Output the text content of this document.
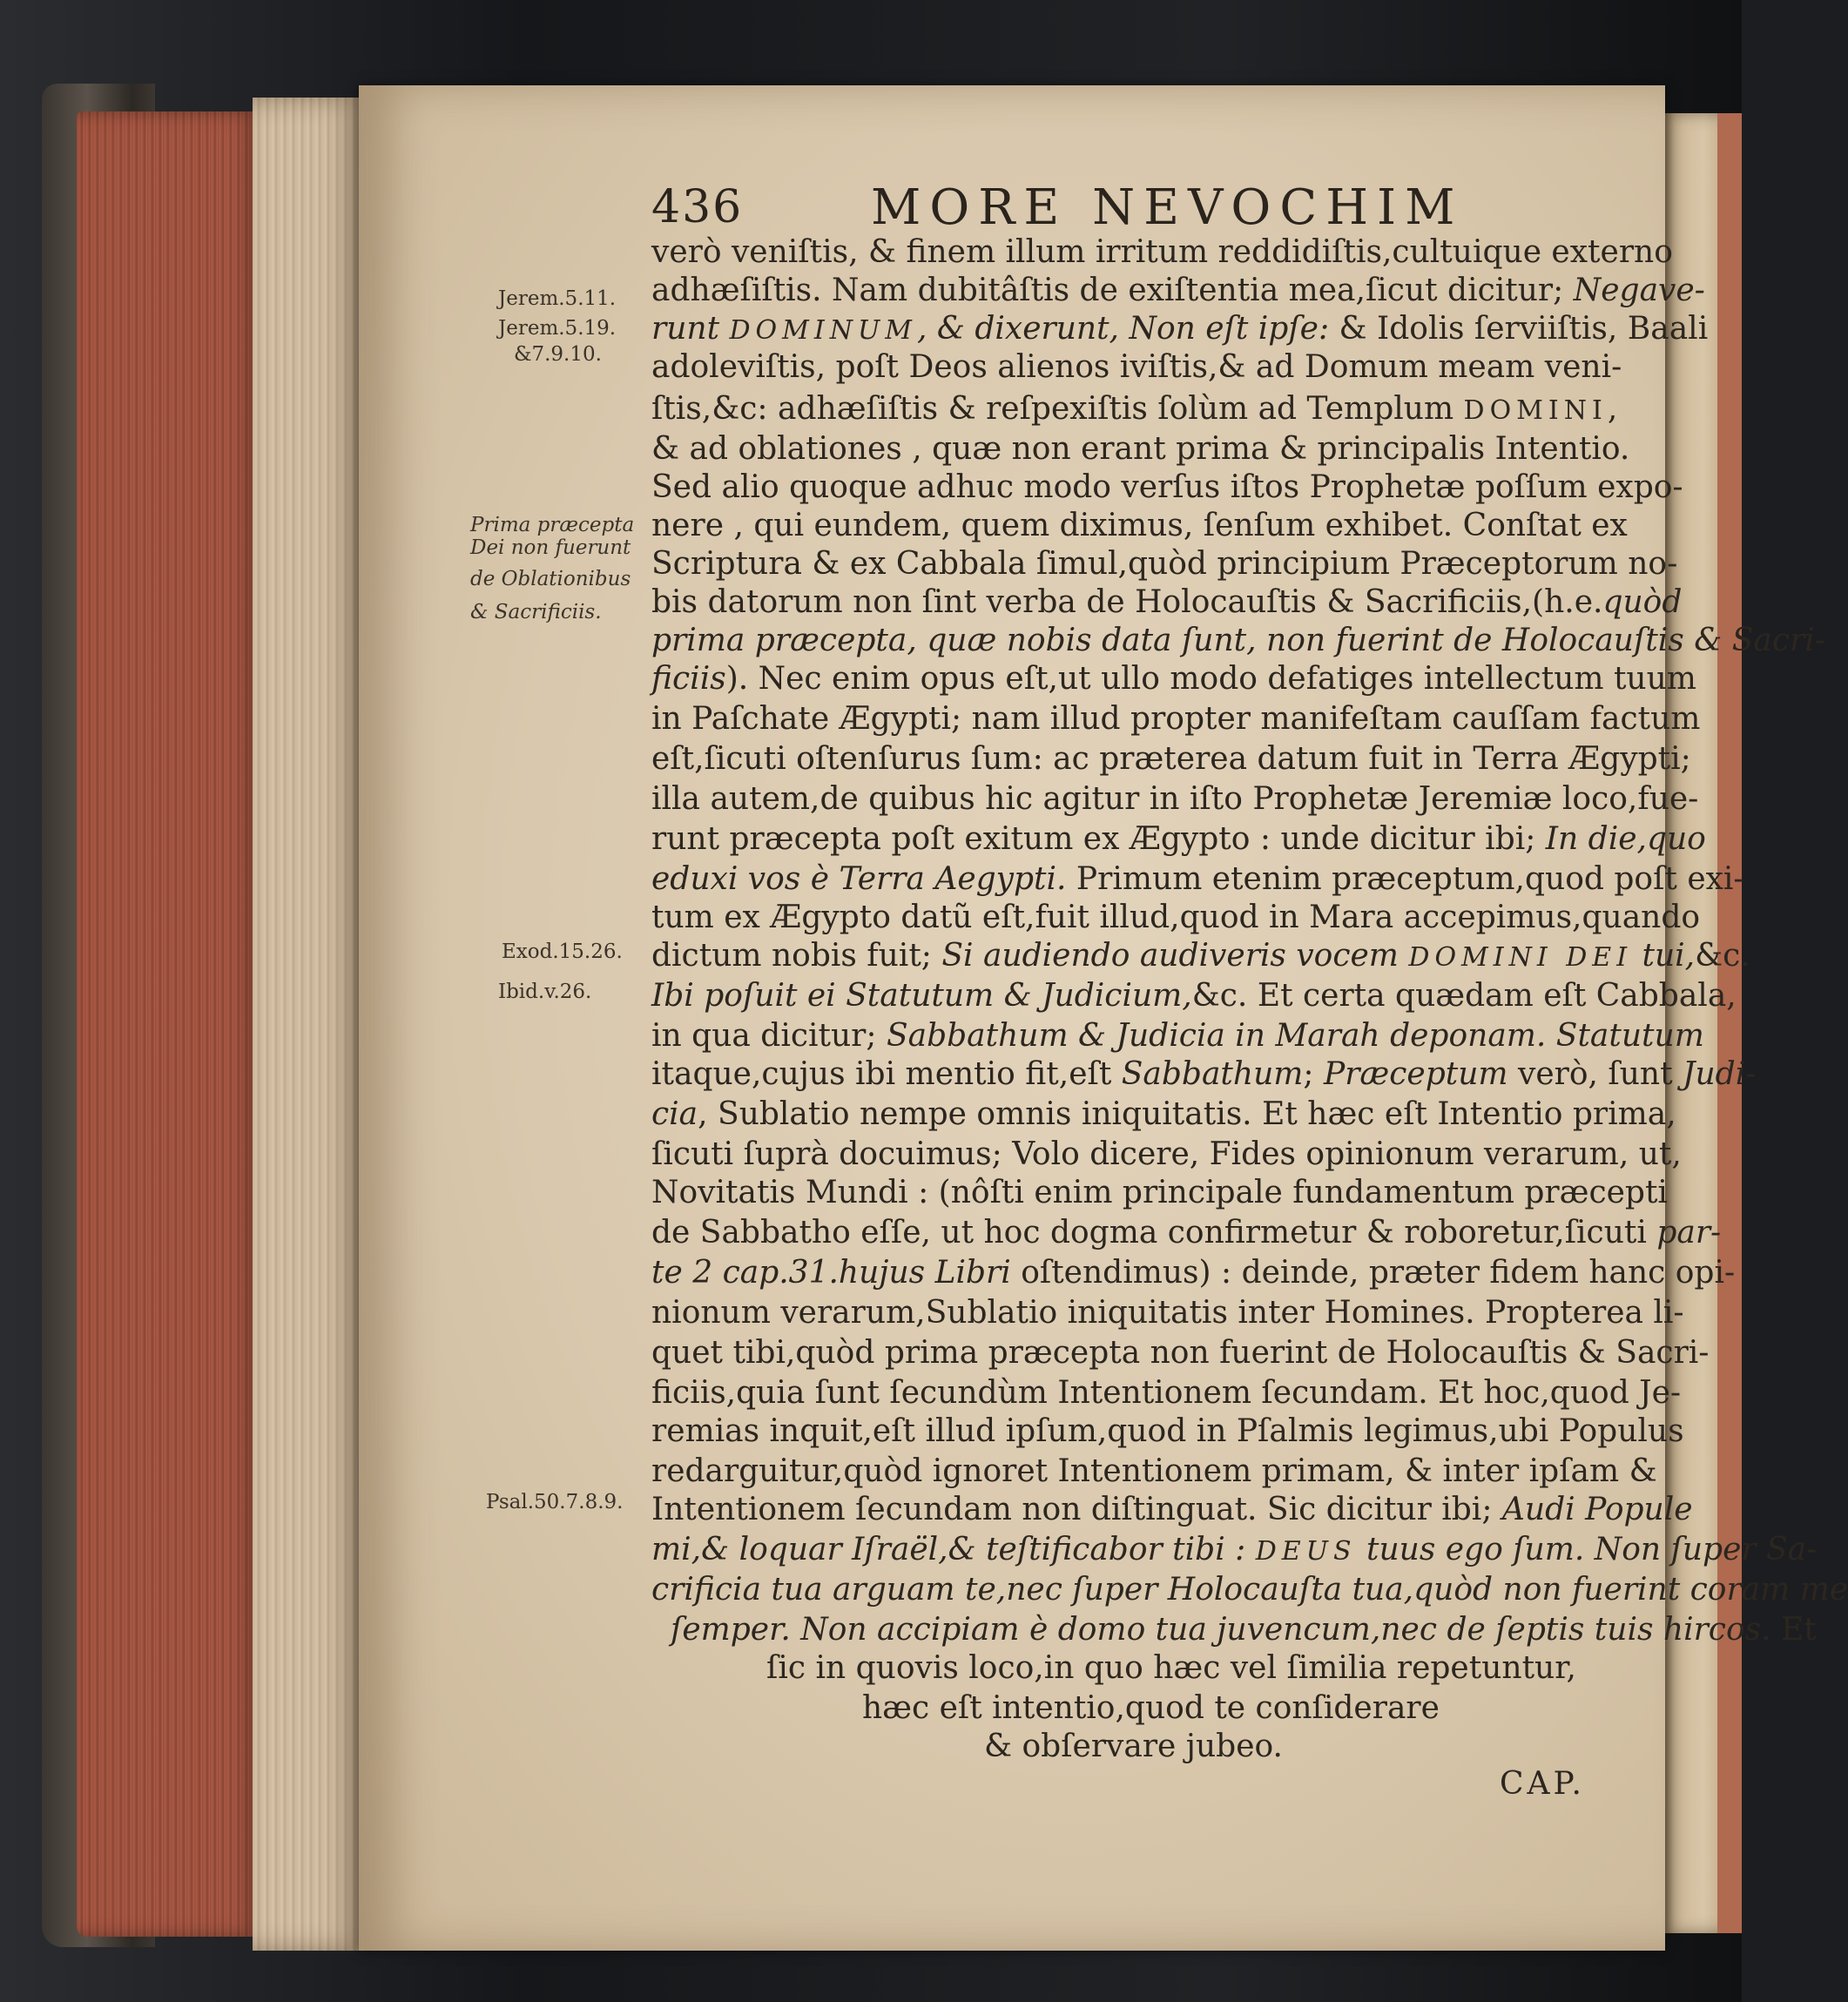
436	MORE NEVOCHIM
Jerem.5.11.
Jerem.5.19.
&7.9.10.
Prima præcepta
Dei non fuerunt
de Oblationibus
& Sacrificiis.
Exod.15.26.
Ibid.v.26.
Psal.50.7.8.9.
verò veniſtis, & finem illum irritum reddidiſtis,cultuique externo
adhæſiſtis. Nam dubitâſtis de exiſtentia mea,ſicut dicitur; Negave-
runt DOMINUM, & dixerunt, Non eſt ipſe: & Idolis ſerviiſtis, Baali
adoleviſtis, poſt Deos alienos iviſtis,& ad Domum meam veni-
ſtis,&c: adhæſiſtis & reſpexiſtis ſolùm ad Templum DOMINI,
& ad oblationes , quæ non erant prima & principalis Intentio.
Sed alio quoque adhuc modo verſus iſtos Prophetæ poſſum expo-
nere , qui eundem, quem diximus, ſenſum exhibet. Conſtat ex
Scriptura & ex Cabbala ſimul,quòd principium Præceptorum no-
bis datorum non ſint verba de Holocauſtis & Sacrificiis,(h.e.quòd
prima præcepta, quæ nobis data ſunt, non fuerint de Holocauſtis & Sacri-
ficiis). Nec enim opus eſt,ut ullo modo defatiges intellectum tuum
in Paſchate Ægypti; nam illud propter manifeſtam cauſſam factum
eſt,ſicuti oſtenſurus ſum: ac præterea datum fuit in Terra Ægypti;
illa autem,de quibus hic agitur in iſto Prophetæ Jeremiæ loco,fue-
runt præcepta poſt exitum ex Ægypto : unde dicitur ibi; In die,quo
eduxi vos è Terra Aegypti. Primum etenim præceptum,quod poſt exi-
tum ex Ægypto datũ eſt,fuit illud,quod in Mara accepimus,quando
dictum nobis fuit; Si audiendo audiveris vocem DOMINI DEI tui,&c.
Ibi poſuit ei Statutum & Judicium,&c. Et certa quædam eſt Cabbala,
in qua dicitur; Sabbathum & Judicia in Marah deponam. Statutum
itaque,cujus ibi mentio fit,eſt Sabbathum; Præceptum verò, ſunt Judi-
cia, Sublatio nempe omnis iniquitatis. Et hæc eſt Intentio prima,
ſicuti ſuprà docuimus; Volo dicere, Fides opinionum verarum, ut,
Novitatis Mundi : (nôſti enim principale fundamentum præcepti
de Sabbatho eſſe, ut hoc dogma confirmetur & roboretur,ſicuti par-
te 2 cap.31.hujus Libri oſtendimus) : deinde, præter fidem hanc opi-
nionum verarum,Sublatio iniquitatis inter Homines. Propterea li-
quet tibi,quòd prima præcepta non fuerint de Holocauſtis & Sacri-
ficiis,quia ſunt ſecundùm Intentionem ſecundam. Et hoc,quod Je-
remias inquit,eſt illud ipſum,quod in Pſalmis legimus,ubi Populus
redarguitur,quòd ignoret Intentionem primam, & inter ipſam &
Intentionem ſecundam non diſtinguat. Sic dicitur ibi; Audi Popule
mi,& loquar Iſraël,& teſtificabor tibi : DEUS tuus ego ſum. Non ſuper Sa-
crificia tua arguam te,nec ſuper Holocauſta tua,quòd non fuerint coram me
ſemper. Non accipiam è domo tua juvencum,nec de ſeptis tuis hircos. Et
ſic in quovis loco,in quo hæc vel ſimilia repetuntur,
hæc eſt intentio,quod te conſiderare
& obſervare jubeo.
CAP.
